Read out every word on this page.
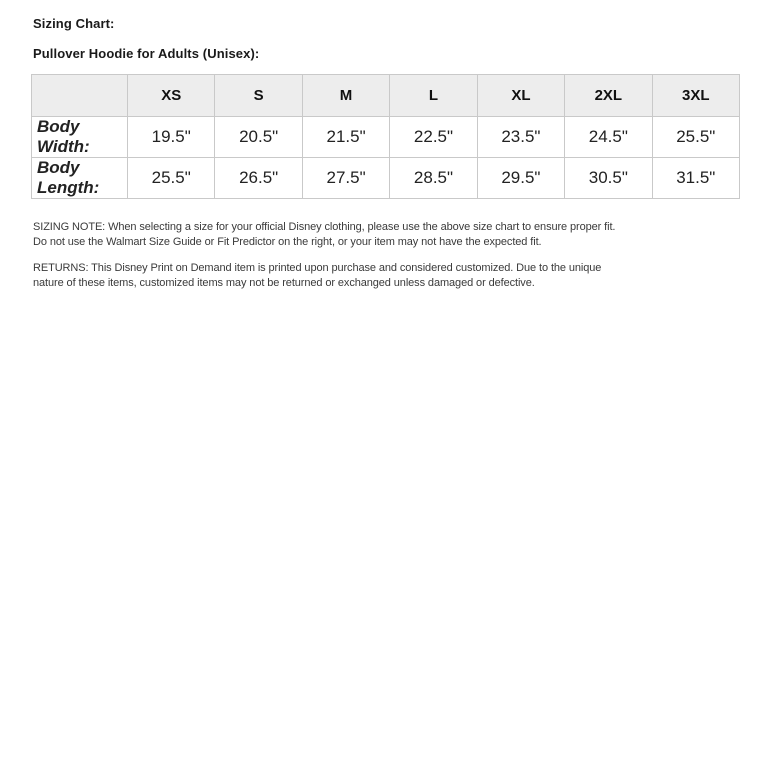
Sizing Chart:
Pullover Hoodie for Adults (Unisex):
	XS	S	M	L	XL	2XL	3XL
Body Width:	19.5"	20.5"	21.5"	22.5"	23.5"	24.5"	25.5"
Body Length:	25.5"	26.5"	27.5"	28.5"	29.5"	30.5"	31.5"
SIZING NOTE: When selecting a size for your official Disney clothing, please use the above size chart to ensure proper fit.
Do not use the Walmart Size Guide or Fit Predictor on the right, or your item may not have the expected fit.
RETURNS: This Disney Print on Demand item is printed upon purchase and considered customized. Due to the unique
nature of these items, customized items may not be returned or exchanged unless damaged or defective.
